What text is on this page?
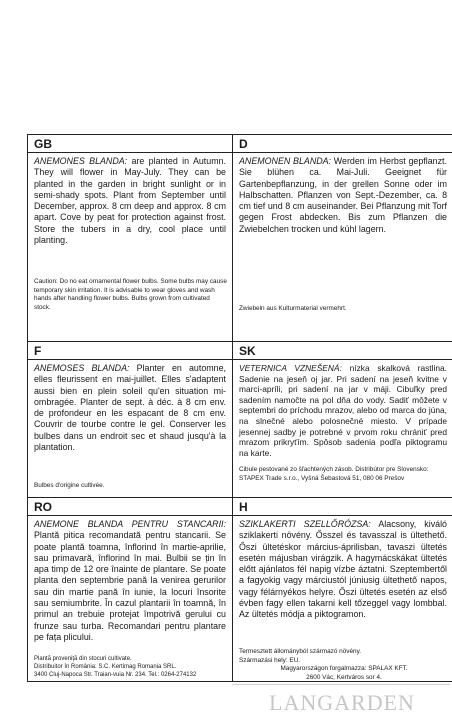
GB
ANEMONES BLANDA: are planted in Autumn. They will flower in May-July. They can be planted in the garden in bright sunlight or in semi-shady spots. Plant from September until December, approx. 8 cm deep and approx. 8 cm apart. Cove by peat for protection against frost. Store the tubers in a dry, cool place until planting.
Caution: Do no eat ornamental flower bulbs. Some bulbs may cause temporary skin irritation. It is advisable to wear gloves and wash hands after handling flower bulbs. Bulbs grown from cultivated stock.
D
ANEMONEN BLANDA: Werden im Herbst gepflanzt. Sie blühen ca. Mai-Juli. Geeignet für Gartenbepflanzung, in der grellen Sonne oder im Halbschatten. Pflanzen von Sept.-Dezember, ca. 8 cm tief und 8 cm auseinander. Bei Pflanzung mit Torf gegen Frost abdecken. Bis zum Pflanzen die Zwiebelchen trocken und kühl lagern.
Zwiebeln aus Kulturmaterial vermehrt.
F
ANEMOSES BLANDA: Planter en automne, elles fleurissent en mai-juillet. Elles s'adaptent aussi bien en plein soleil qu'en situation mi-ombragée. Planter de sept. à déc. à 8 cm env. de profondeur en les espacant de 8 cm env. Couvrir de tourbe contre le gel. Conserver les bulbes dans un endroit sec et shaud jusqu'à la plantation.
Bulbes d'origine cultivée.
SK
VETERNICA VZNEŠENÁ: nízka skalková rastlina. Sadenie na jeseň oj jar. Pri sadení na jeseň kvitne v marci-apríli, pri sadení na jar v máji. Cibuľky pred sadením namočte na pol dňa do vody. Sadiť môžete v septembri do príchodu mrazov, alebo od marca do júna, na slnečné alebo polosnečné miesto. V prípade jesennej sadby je potrebné v prvom roku chrániť pred mrazom prikryťím. Spôsob sadenia podľa piktogramu na karte.
Cibule pestované zo šľachtených zásob. Distribútor pre Slovensko: STAPEX Trade s.r.o., Vyšná Šebastová 51, 080 06 Prešov
RO
ANEMONE BLANDA PENTRU STANCARII: Plantă pitica recomandată pentru stancarii. Se poate plantă toamna, înflorind în martie-aprilie, sau primavară, înflorind în mai. Bulbii se țin în apa timp de 12 ore înainte de plantare. Se poate planta den septembrie pană la venirea gerurilor sau din martie pană în iunie, la locuri însorite sau semiumbrite. În cazul plantarii în toamnă, în primul an trebuie protejat împotrivă gerului cu frunze sau turba. Recomandari pentru plantare pe fața plicului.
Plantă proveniță din stocuri cultivate.
Distribuitor în România: S.C. Kertimag Romania SRL.
3400 Cluj-Napoca Str. Traian-vuia Nr. 234. Tel.: 0264-274132
H
SZIKLAKERTI SZELLŐRÓZSA: Alacsony, kiváló sziklakerti növény. Ősszel és tavasszal is ültethető. Őszi ültetéskor március-áprilisban, tavaszi ültetés esetén májusban virágzik. A hagymácskákat ültetés előtt ajánlatos fél napig vízbe áztatni. Szeptembertől a fagyokig vagy márciustól júniusig ültethető napos, vagy félárnyékos helyre. Őszi ültetés esetén az első évben fagy ellen takarni kell tőzeggel vagy lombbal. Az ültetés módja a piktogramon.
Termesztett állományból származó növény.
Származási hely: EU.
Magyarországon forgalmazza: SPALAX KFT.
2600 Vác, Kertváros sor 4.
LANGARDEN
